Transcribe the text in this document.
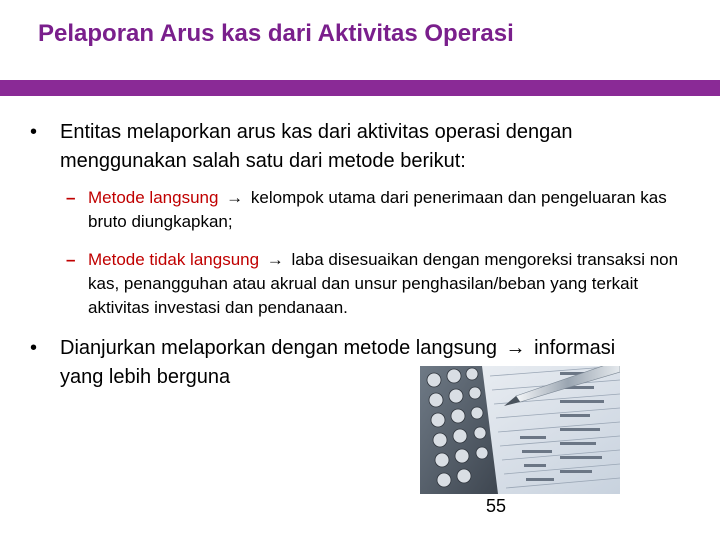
Pelaporan Arus kas dari Aktivitas Operasi
•	Entitas melaporkan arus kas dari aktivitas operasi dengan menggunakan salah satu dari metode berikut:
– Metode langsung → kelompok utama dari penerimaan dan pengeluaran kas bruto diungkapkan;
– Metode tidak langsung → laba disesuaikan dengan mengoreksi transaksi non kas, penangguhan atau akrual dan unsur penghasilan/beban yang terkait aktivitas investasi dan pendanaan.
•	Dianjurkan melaporkan dengan metode langsung → informasi yang lebih berguna
55
